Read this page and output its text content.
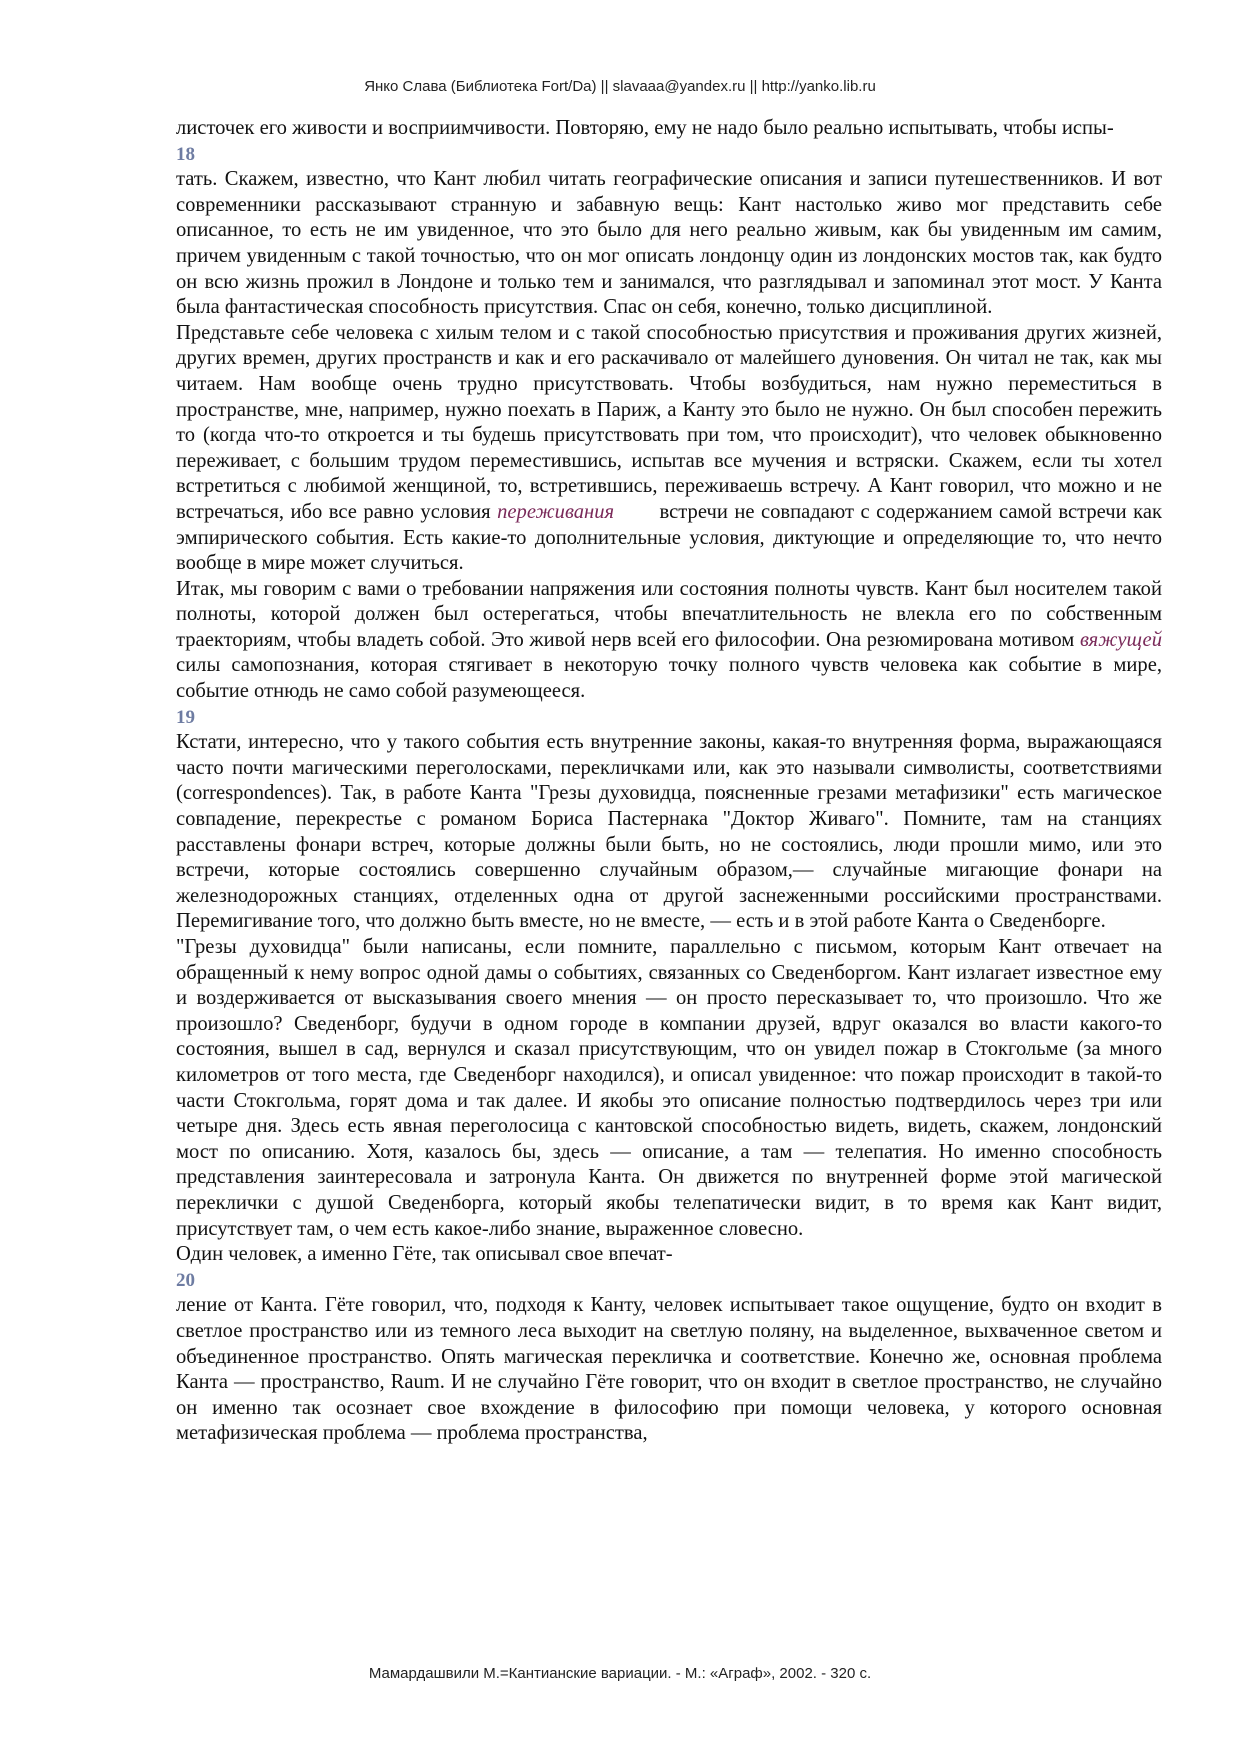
Янко Слава (Библиотека Fort/Da) || slavaaa@yandex.ru || http://yanko.lib.ru

листочек его живости и восприимчивости. Повторяю, ему не надо было реально испытывать, чтобы испы-

18

тать. Скажем, известно, что Кант любил читать географические описания и записи путешественников. И вот современники рассказывают странную и забавную вещь: Кант настолько живо мог представить себе описанное, то есть не им увиденное, что это было для него реально живым, как бы увиденным им самим, причем увиденным с такой точностью, что он мог описать лондонцу один из лондонских мостов так, как будто он всю жизнь прожил в Лондоне и только тем и занимался, что разглядывал и запоминал этот мост. У Канта была фантастическая способность присутствия. Спас он себя, конечно, только дисциплиной.

Представьте себе человека с хилым телом и с такой способностью присутствия и проживания других жизней, других времен, других пространств и как и его раскачивало от малейшего дуновения. Он читал не так, как мы читаем. Нам вообще очень трудно присутствовать. Чтобы возбудиться, нам нужно переместиться в пространстве, мне, например, нужно поехать в Париж, а Канту это было не нужно. Он был способен пережить то (когда что-то откроется и ты будешь присутствовать при том, что происходит), что человек обыкновенно переживает, с большим трудом переместившись, испытав все мучения и встряски. Скажем, если ты хотел встретиться с любимой женщиной, то, встретившись, переживаешь встречу. А Кант говорил, что можно и не встречаться, ибо все равно условия переживания       встречи не совпадают с содержанием самой встречи как эмпирического события. Есть какие-то дополнительные условия, диктующие и определяющие то, что нечто вообще в мире может случиться.

Итак, мы говорим с вами о требовании напряжения или состояния полноты чувств. Кант был носителем такой полноты, которой должен был остерегаться, чтобы впечатлительность не влекла его по собственным траекториям, чтобы владеть собой. Это живой нерв всей его философии. Она резюмирована мотивом вяжущей силы самопознания, которая стягивает в некоторую точку полного чувств человека как событие в мире, событие отнюдь не само собой разумеющееся.

19

Кстати, интересно, что у такого события есть внутренние законы, какая-то внутренняя форма, выражающаяся часто почти магическими переголосками, перекличками или, как это называли символисты, соответствиями (correspondences). Так, в работе Канта "Грезы духовидца, поясненные грезами метафизики" есть магическое совпадение, перекрестье с романом Бориса Пастернака "Доктор Живаго". Помните, там на станциях расставлены фонари встреч, которые должны были быть, но не состоялись, люди прошли мимо, или это встречи, которые состоялись совершенно случайным образом,— случайные мигающие фонари на железнодорожных станциях, отделенных одна от другой заснеженными российскими пространствами. Перемигивание того, что должно быть вместе, но не вместе, — есть и в этой работе Канта о Сведенборге.

"Грезы духовидца" были написаны, если помните, параллельно с письмом, которым Кант отвечает на обращенный к нему вопрос одной дамы о событиях, связанных со Сведенборгом. Кант излагает известное ему и воздерживается от высказывания своего мнения — он просто пересказывает то, что произошло. Что же произошло? Сведенборг, будучи в одном городе в компании друзей, вдруг оказался во власти какого-то состояния, вышел в сад, вернулся и сказал присутствующим, что он увидел пожар в Стокгольме (за много километров от того места, где Сведенборг находился), и описал увиденное: что пожар происходит в такой-то части Стокгольма, горят дома и так далее. И якобы это описание полностью подтвердилось через три или четыре дня. Здесь есть явная переголосица с кантовской способностью видеть, видеть, скажем, лондонский мост по описанию. Хотя, казалось бы, здесь — описание, а там — телепатия. Но именно способность представления заинтересовала и затронула Канта. Он движется по внутренней форме этой магической переклички с душой Сведенборга, который якобы телепатически видит, в то время как Кант видит, присутствует там, о чем есть какое-либо знание, выраженное словесно.

Один человек, а именно Гёте, так описывал свое впечат-

20

ление от Канта. Гёте говорил, что, подходя к Канту, человек испытывает такое ощущение, будто он входит в светлое пространство или из темного леса выходит на светлую поляну, на выделенное, выхваченное светом и объединенное пространство. Опять магическая перекличка и соответствие. Конечно же, основная проблема Канта — пространство, Raum. И не случайно Гёте говорит, что он входит в светлое пространство, не случайно он именно так осознает свое вхождение в философию при помощи человека, у которого основная метафизическая проблема — проблема пространства,

Мамардашвили М.=Кантианские вариации. - М.: «Аграф», 2002. - 320 с.
